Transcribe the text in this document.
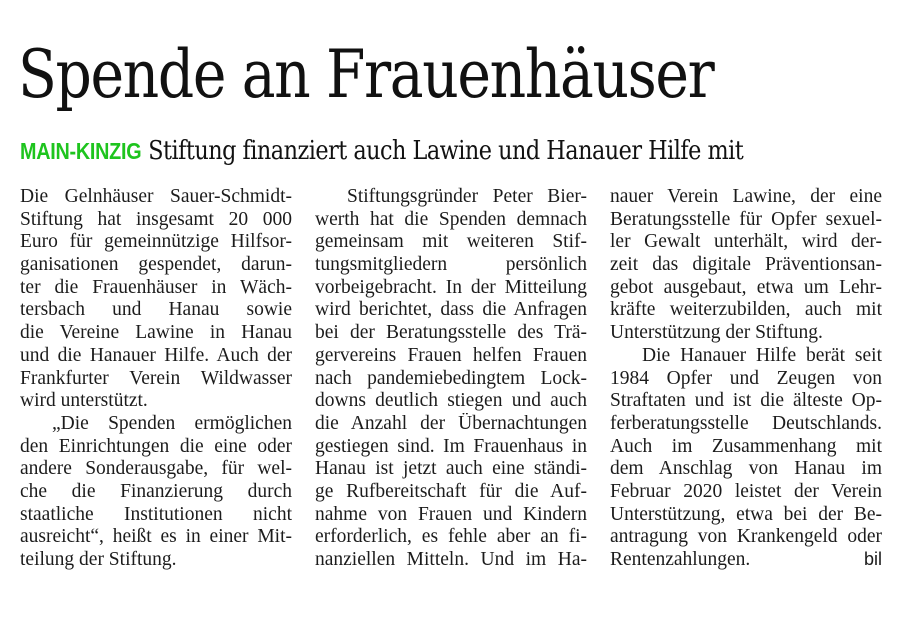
Spende an Frauenhäuser
MAIN-KINZIG Stiftung finanziert auch Lawine und Hanauer Hilfe mit
Die Gelnhäuser Sauer-Schmidt-
Stiftung hat insgesamt 20 000
Euro für gemeinnützige Hilfsor-
ganisationen gespendet, darun-
ter die Frauenhäuser in Wäch-
tersbach und Hanau sowie
die Vereine Lawine in Hanau
und die Hanauer Hilfe. Auch der
Frankfurter Verein Wildwasser
wird unterstützt.
„Die Spenden ermöglichen
den Einrichtungen die eine oder
andere Sonderausgabe, für wel-
che die Finanzierung durch
staatliche Institutionen nicht
ausreicht“, heißt es in einer Mit-
teilung der Stiftung.
Stiftungsgründer Peter Bier-
werth hat die Spenden demnach
gemeinsam mit weiteren Stif-
tungsmitgliedern persönlich
vorbeigebracht. In der Mitteilung
wird berichtet, dass die Anfragen
bei der Beratungsstelle des Trä-
gervereins Frauen helfen Frauen
nach pandemiebedingtem Lock-
downs deutlich stiegen und auch
die Anzahl der Übernachtungen
gestiegen sind. Im Frauenhaus in
Hanau ist jetzt auch eine ständi-
ge Rufbereitschaft für die Auf-
nahme von Frauen und Kindern
erforderlich, es fehle aber an fi-
nanziellen Mitteln. Und im Ha-
nauer Verein Lawine, der eine
Beratungsstelle für Opfer sexuel-
ler Gewalt unterhält, wird der-
zeit das digitale Präventionsan-
gebot ausgebaut, etwa um Lehr-
kräfte weiterzubilden, auch mit
Unterstützung der Stiftung.
Die Hanauer Hilfe berät seit
1984 Opfer und Zeugen von
Straftaten und ist die älteste Op-
ferberatungsstelle Deutschlands.
Auch im Zusammenhang mit
dem Anschlag von Hanau im
Februar 2020 leistet der Verein
Unterstützung, etwa bei der Be-
antragung von Krankengeld oder
Rentenzahlungen.	bil
